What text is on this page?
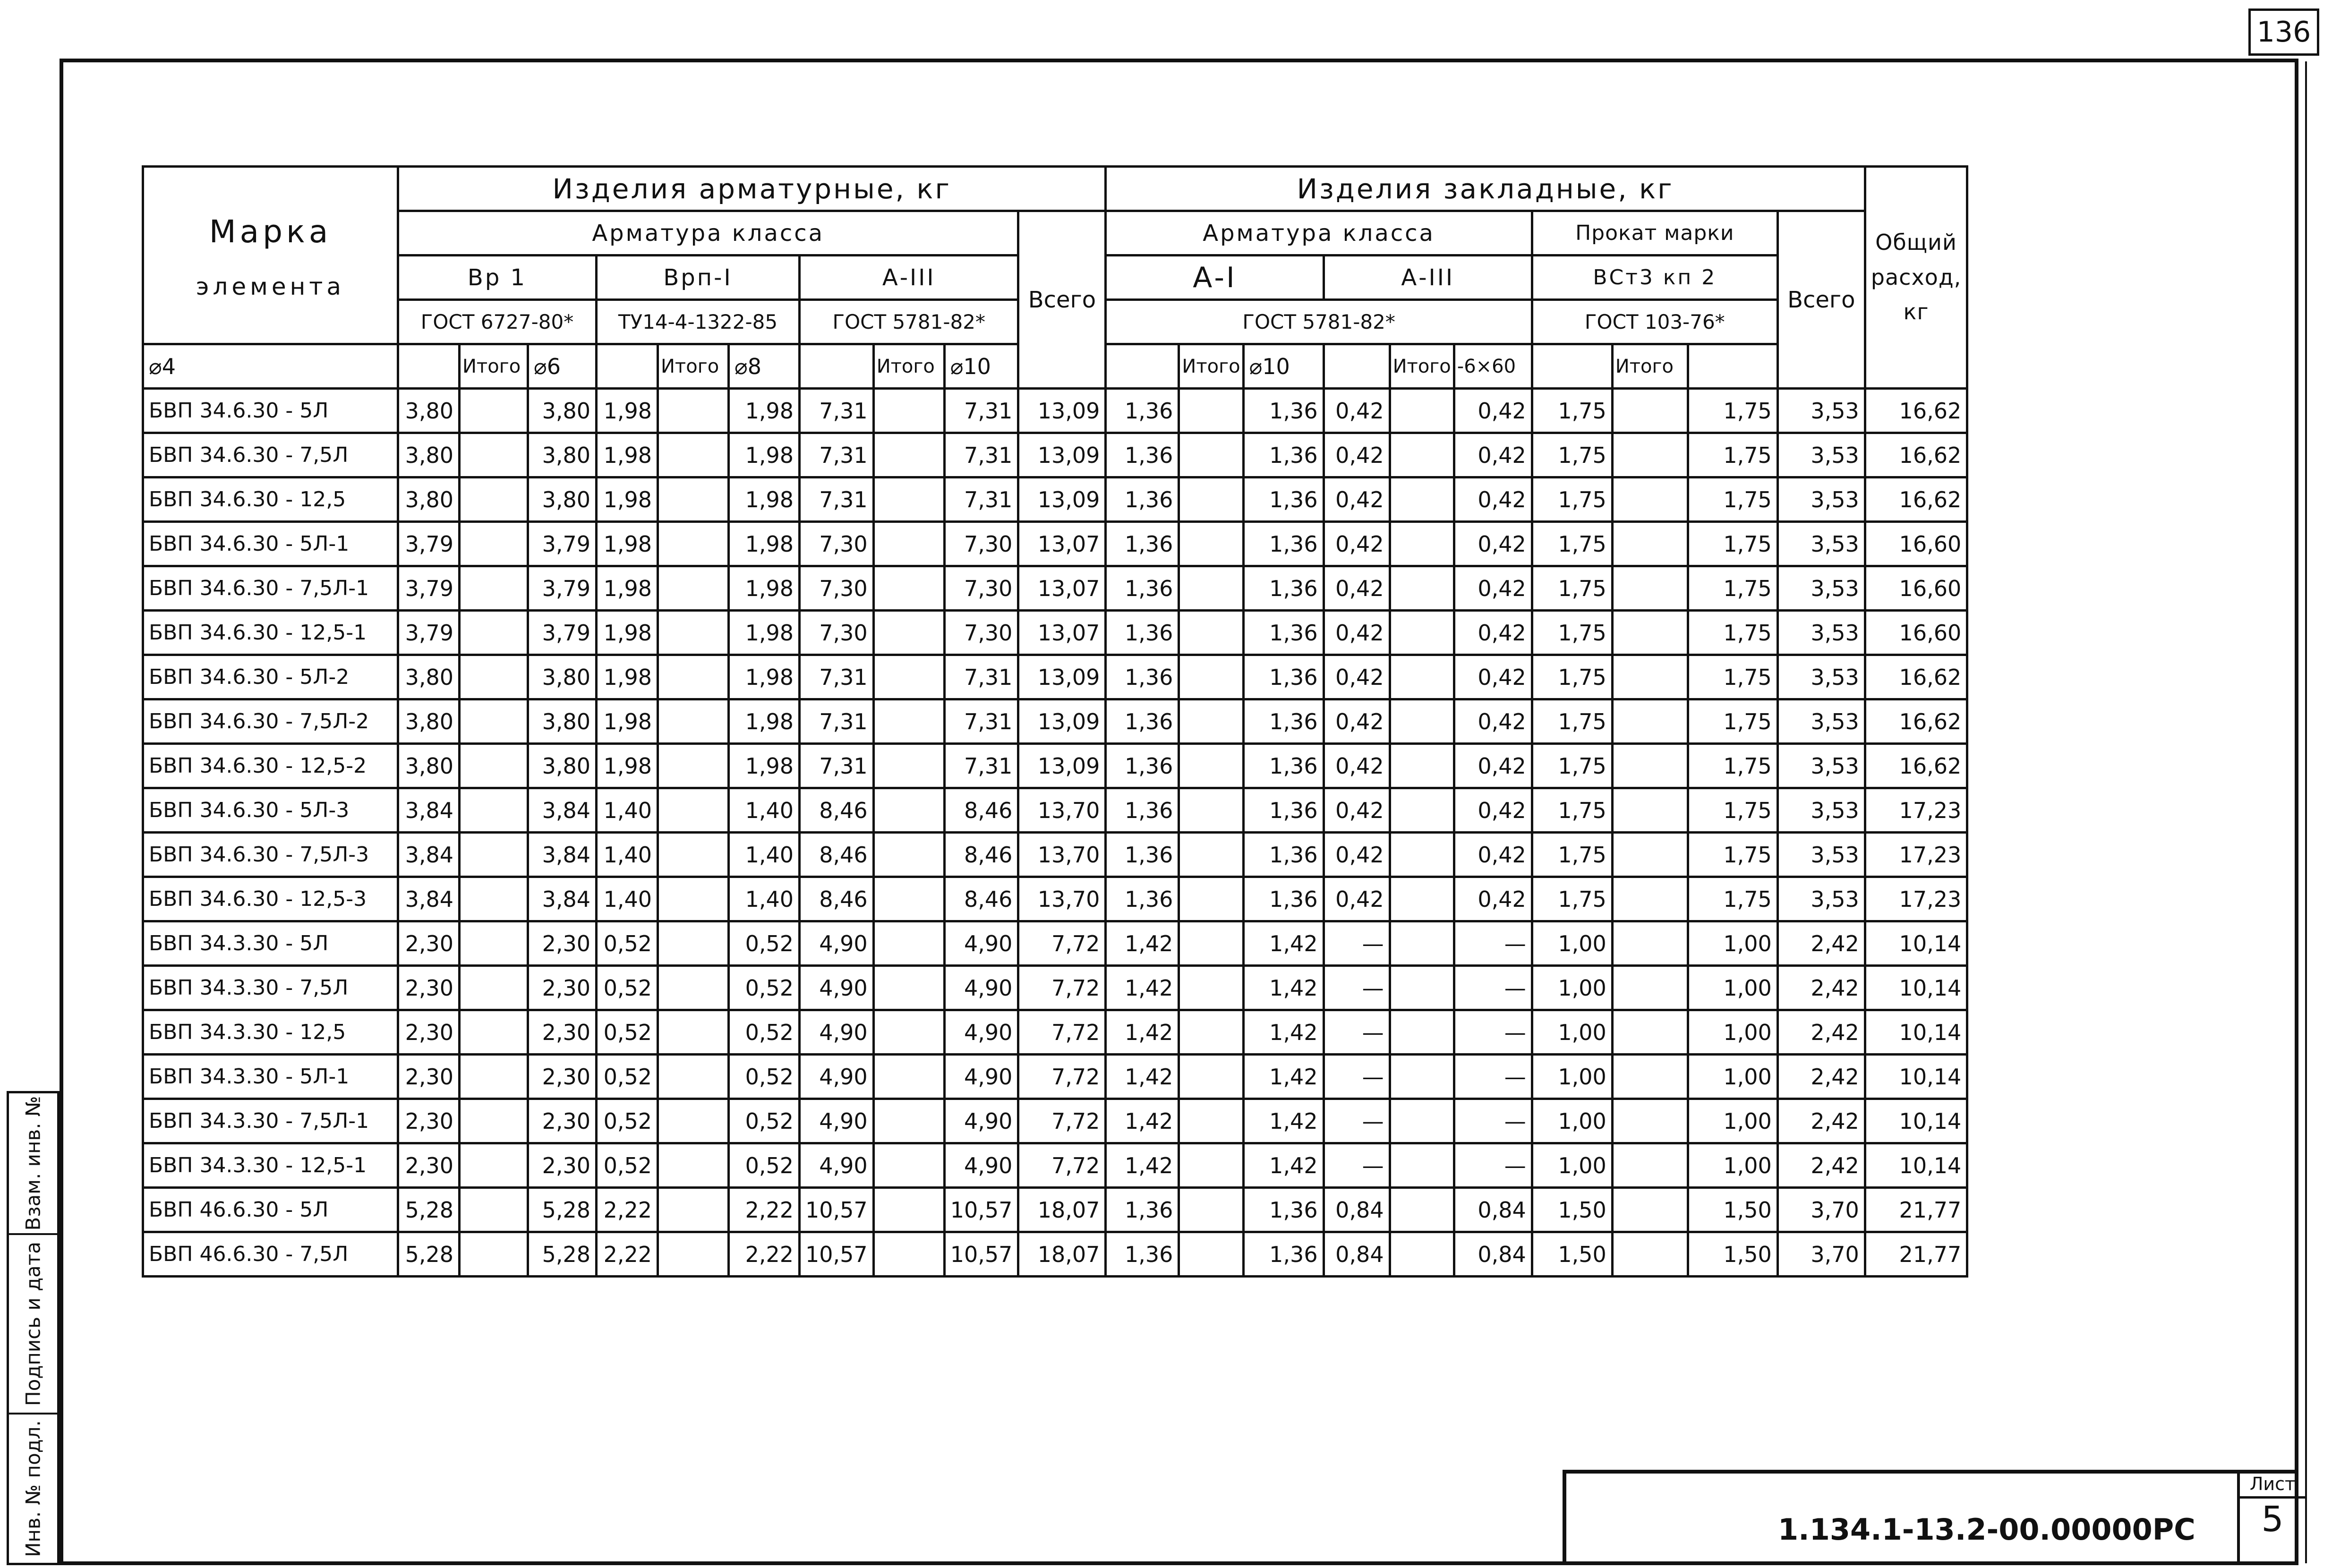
136
Взам. инв. №
Подпись и дата
Инв. № подл.
Марка
элемента	Изделия арматурные, кг										Изделия закладные, кг										Общий расход, кг
	Арматура класса									Всего	Арматура класса						Прокат марки			Всего	
	Вр 1			Врп-I			А-III				А-I			А-III			ВСт3 кп 2				
	ГОСТ 6727-80*			ТУ14-4-1322-85			ГОСТ 5781-82*				ГОСТ 5781-82*						ГОСТ 103-76*				
⌀4		Итого	⌀6		Итого	⌀8		Итого	⌀10			Итого	⌀10		Итого	-6×60		Итого			
БВП 34.6.30 - 5Л	3,80		3,80	1,98		1,98	7,31		7,31	13,09	1,36		1,36	0,42		0,42	1,75		1,75	3,53	16,62
БВП 34.6.30 - 7,5Л	3,80		3,80	1,98		1,98	7,31		7,31	13,09	1,36		1,36	0,42		0,42	1,75		1,75	3,53	16,62
БВП 34.6.30 - 12,5	3,80		3,80	1,98		1,98	7,31		7,31	13,09	1,36		1,36	0,42		0,42	1,75		1,75	3,53	16,62
БВП 34.6.30 - 5Л-1	3,79		3,79	1,98		1,98	7,30		7,30	13,07	1,36		1,36	0,42		0,42	1,75		1,75	3,53	16,60
БВП 34.6.30 - 7,5Л-1	3,79		3,79	1,98		1,98	7,30		7,30	13,07	1,36		1,36	0,42		0,42	1,75		1,75	3,53	16,60
БВП 34.6.30 - 12,5-1	3,79		3,79	1,98		1,98	7,30		7,30	13,07	1,36		1,36	0,42		0,42	1,75		1,75	3,53	16,60
БВП 34.6.30 - 5Л-2	3,80		3,80	1,98		1,98	7,31		7,31	13,09	1,36		1,36	0,42		0,42	1,75		1,75	3,53	16,62
БВП 34.6.30 - 7,5Л-2	3,80		3,80	1,98		1,98	7,31		7,31	13,09	1,36		1,36	0,42		0,42	1,75		1,75	3,53	16,62
БВП 34.6.30 - 12,5-2	3,80		3,80	1,98		1,98	7,31		7,31	13,09	1,36		1,36	0,42		0,42	1,75		1,75	3,53	16,62
БВП 34.6.30 - 5Л-3	3,84		3,84	1,40		1,40	8,46		8,46	13,70	1,36		1,36	0,42		0,42	1,75		1,75	3,53	17,23
БВП 34.6.30 - 7,5Л-3	3,84		3,84	1,40		1,40	8,46		8,46	13,70	1,36		1,36	0,42		0,42	1,75		1,75	3,53	17,23
БВП 34.6.30 - 12,5-3	3,84		3,84	1,40		1,40	8,46		8,46	13,70	1,36		1,36	0,42		0,42	1,75		1,75	3,53	17,23
БВП 34.3.30 - 5Л	2,30		2,30	0,52		0,52	4,90		4,90	7,72	1,42		1,42	—		—	1,00		1,00	2,42	10,14
БВП 34.3.30 - 7,5Л	2,30		2,30	0,52		0,52	4,90		4,90	7,72	1,42		1,42	—		—	1,00		1,00	2,42	10,14
БВП 34.3.30 - 12,5	2,30		2,30	0,52		0,52	4,90		4,90	7,72	1,42		1,42	—		—	1,00		1,00	2,42	10,14
БВП 34.3.30 - 5Л-1	2,30		2,30	0,52		0,52	4,90		4,90	7,72	1,42		1,42	—		—	1,00		1,00	2,42	10,14
БВП 34.3.30 - 7,5Л-1	2,30		2,30	0,52		0,52	4,90		4,90	7,72	1,42		1,42	—		—	1,00		1,00	2,42	10,14
БВП 34.3.30 - 12,5-1	2,30		2,30	0,52		0,52	4,90		4,90	7,72	1,42		1,42	—		—	1,00		1,00	2,42	10,14
БВП 46.6.30 - 5Л	5,28		5,28	2,22		2,22	10,57		10,57	18,07	1,36		1,36	0,84		0,84	1,50		1,50	3,70	21,77
БВП 46.6.30 - 7,5Л	5,28		5,28	2,22		2,22	10,57		10,57	18,07	1,36		1,36	0,84		0,84	1,50		1,50	3,70	21,77
1.134.1-13.2-00.00000РС
Лист
5
